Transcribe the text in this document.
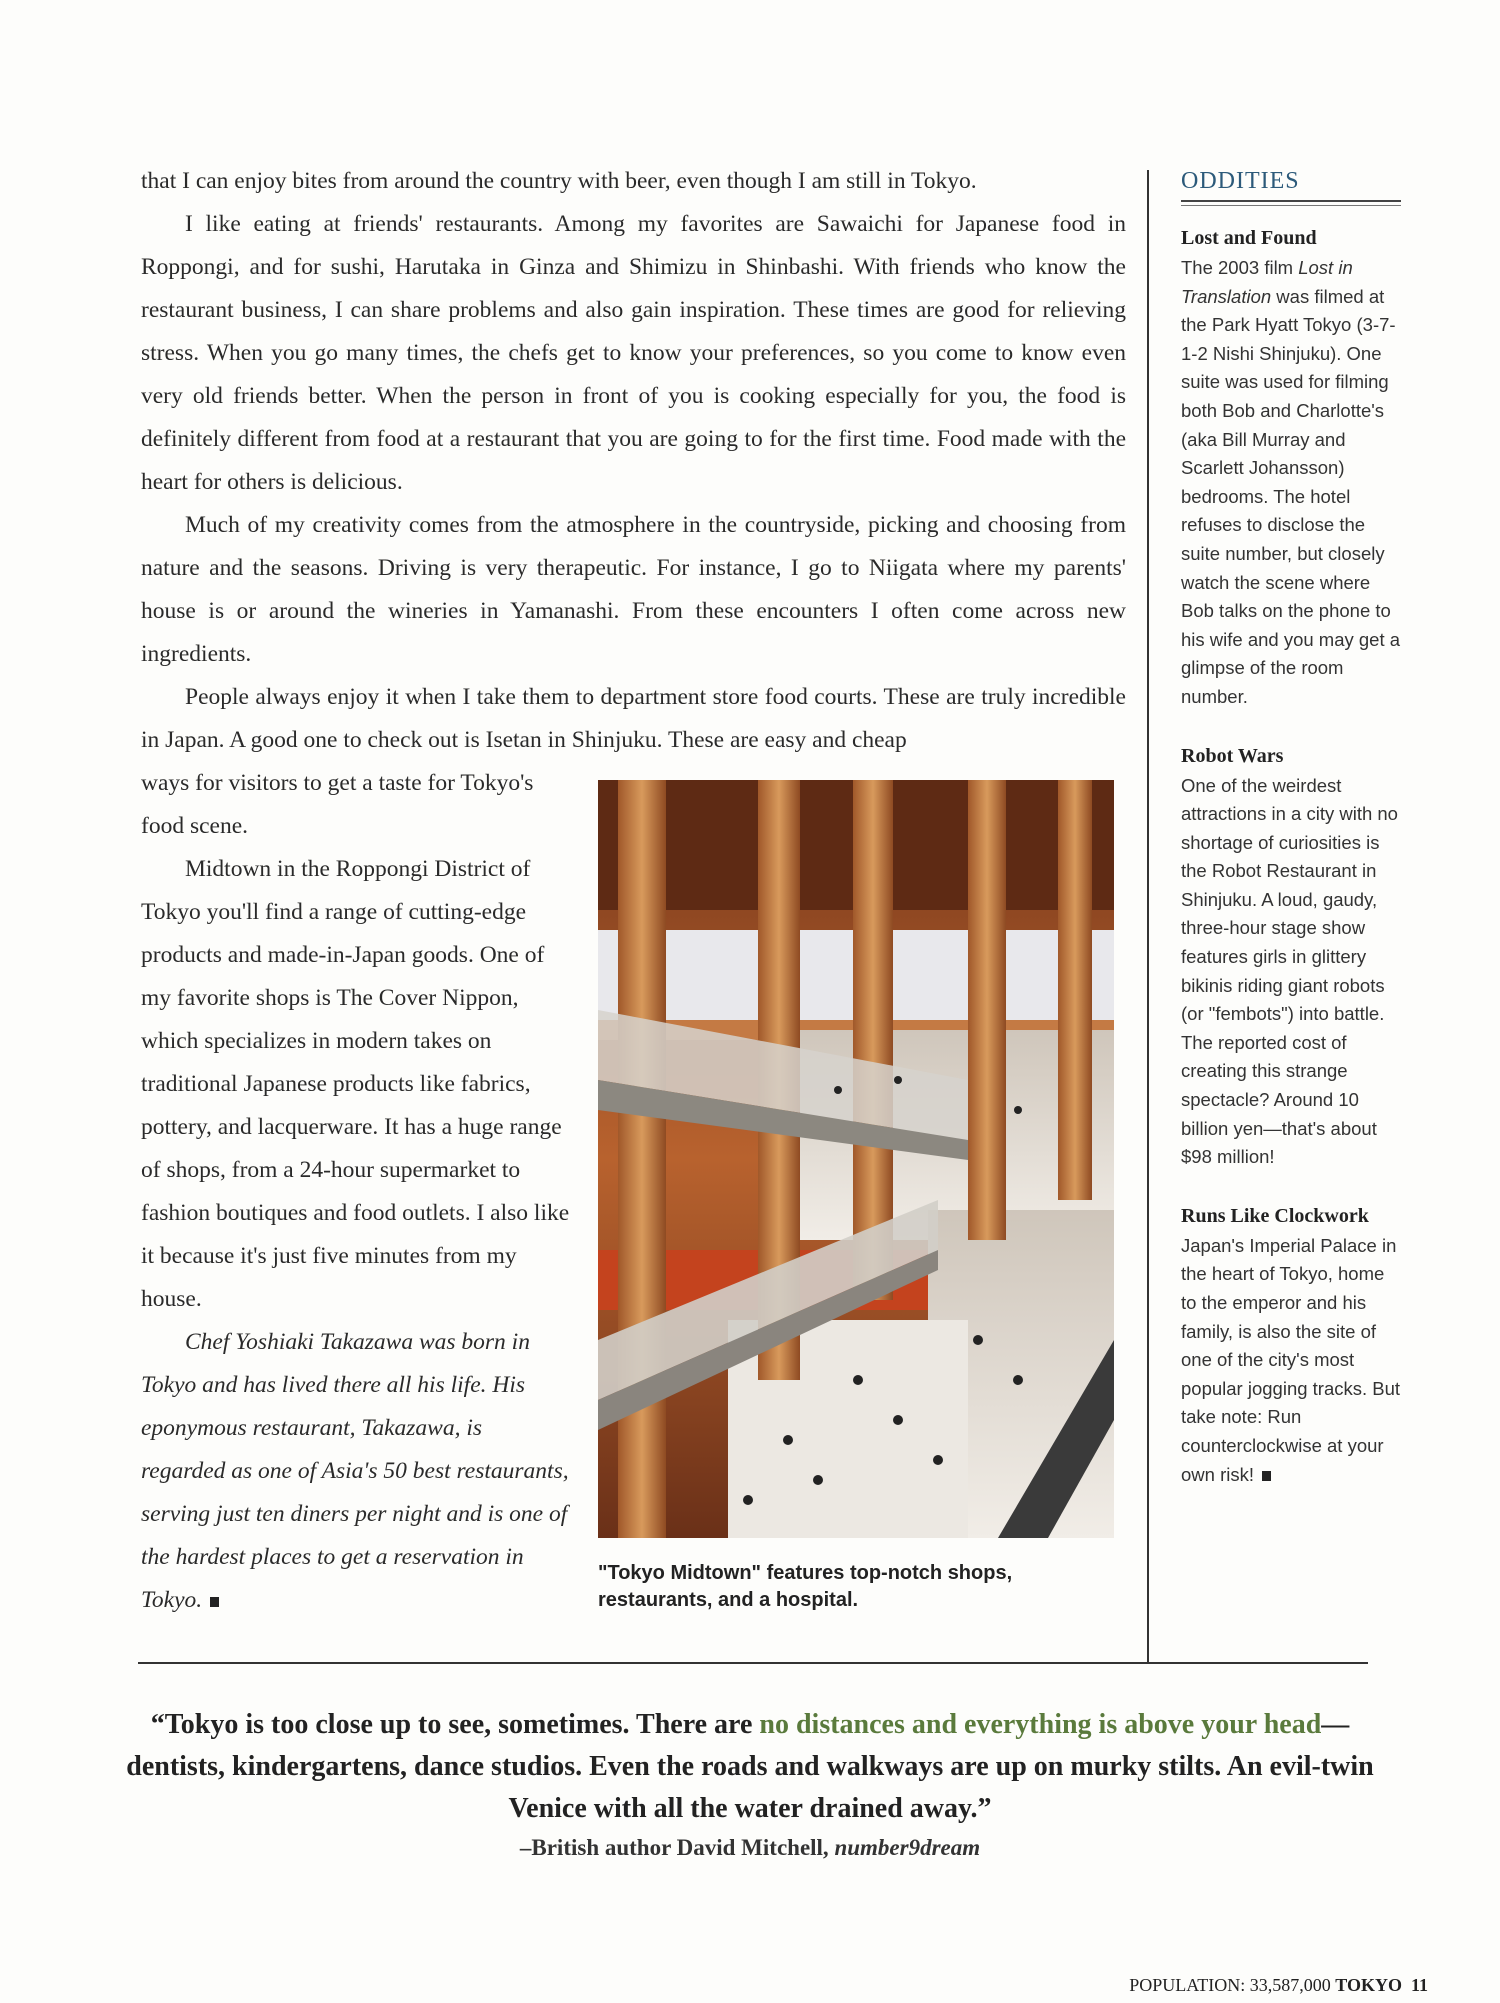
that I can enjoy bites from around the country with beer, even though I am still in Tokyo.

I like eating at friends' restaurants. Among my favorites are Sawaichi for Japanese food in Roppongi, and for sushi, Harutaka in Ginza and Shimizu in Shinbashi. With friends who know the restaurant business, I can share problems and also gain inspiration. These times are good for relieving stress. When you go many times, the chefs get to know your preferences, so you come to know even very old friends better. When the person in front of you is cooking especially for you, the food is definitely different from food at a restaurant that you are going to for the first time. Food made with the heart for others is delicious.

Much of my creativity comes from the atmosphere in the countryside, picking and choosing from nature and the seasons. Driving is very therapeutic. For instance, I go to Niigata where my parents' house is or around the wineries in Yamanashi. From these encounters I often come across new ingredients.

People always enjoy it when I take them to department store food courts. These are truly incredible in Japan. A good one to check out is Isetan in Shinjuku. These are easy and cheap

ways for visitors to get a taste for Tokyo's food scene.

Midtown in the Roppongi District of Tokyo you'll find a range of cutting-edge products and made-in-Japan goods. One of my favorite shops is The Cover Nippon, which specializes in modern takes on traditional Japanese products like fabrics, pottery, and lacquerware. It has a huge range of shops, from a 24-hour supermarket to fashion boutiques and food outlets. I also like it because it's just five minutes from my house.

Chef Yoshiaki Takazawa was born in Tokyo and has lived there all his life. His eponymous restaurant, Takazawa, is regarded as one of Asia's 50 best restaurants, serving just ten diners per night and is one of the hardest places to get a reservation in Tokyo.

"Tokyo Midtown" features top-notch shops, restaurants, and a hospital.
ODDITIES
Lost and Found

The 2003 film Lost in Translation was filmed at the Park Hyatt Tokyo (3-7-1-2 Nishi Shinjuku). One suite was used for filming both Bob and Charlotte's (aka Bill Murray and Scarlett Johansson) bedrooms. The hotel refuses to disclose the suite number, but closely watch the scene where Bob talks on the phone to his wife and you may get a glimpse of the room number.

Robot Wars

One of the weirdest attractions in a city with no shortage of curiosities is the Robot Restaurant in Shinjuku. A loud, gaudy, three-hour stage show features girls in glittery bikinis riding giant robots (or "fembots") into battle. The reported cost of creating this strange spectacle? Around 10 billion yen—that's about $98 million!

Runs Like Clockwork

Japan's Imperial Palace in the heart of Tokyo, home to the emperor and his family, is also the site of one of the city's most popular jogging tracks. But take note: Run counterclockwise at your own risk!

“Tokyo is too close up to see, sometimes. There are no distances and everything is above your head—dentists, kindergartens, dance studios. Even the roads and walkways are up on murky stilts. An evil-twin Venice with all the water drained away.”
–British author David Mitchell, number9dream
POPULATION: 33,587,000 TOKYO 11
